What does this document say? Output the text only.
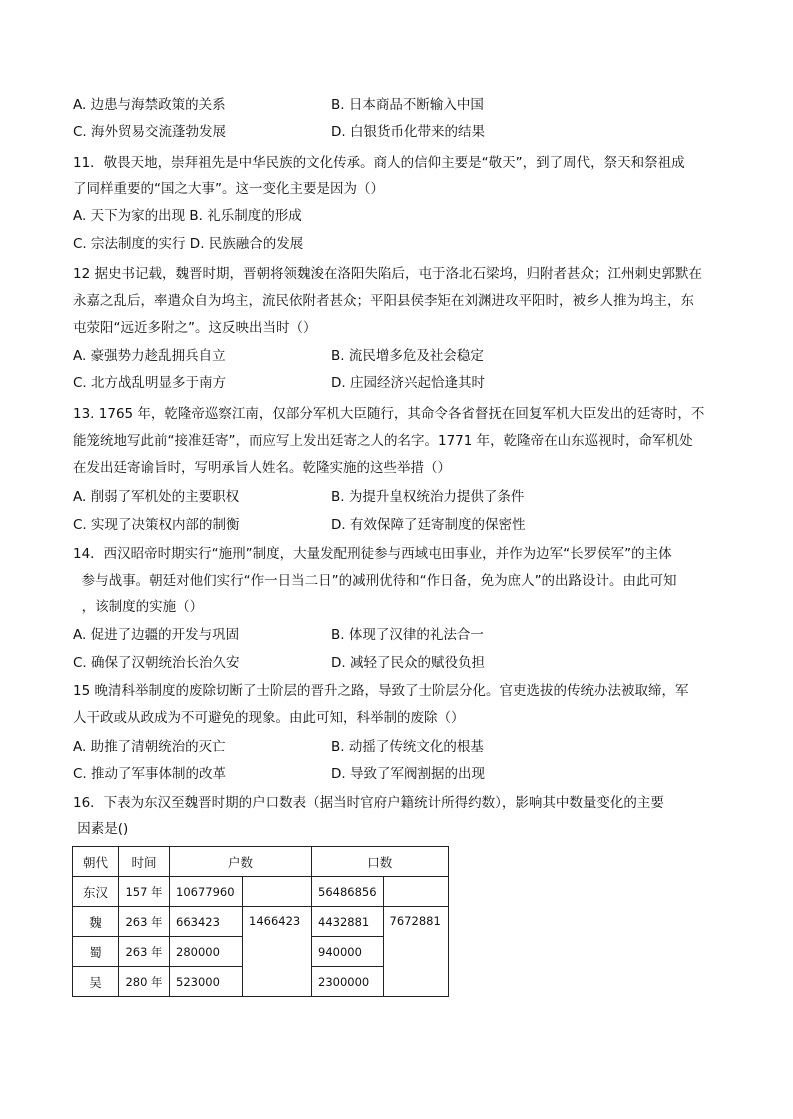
A. 边患与海禁政策的关系	B. 日本商品不断输入中国
C. 海外贸易交流蓬勃发展	D. 白银货币化带来的结果
11．敬畏天地，崇拜祖先是中华民族的文化传承。商人的信仰主要是“敬天”，到了周代，祭天和祭祖成
了同样重要的“国之大事”。这一变化主要是因为（）
A. 天下为家的出现 B. 礼乐制度的形成
C. 宗法制度的实行 D. 民族融合的发展
12 据史书记载，魏晋时期，晋朝将领魏浚在洛阳失陷后，屯于洛北石梁坞，归附者甚众；江州刺史郭默在
永嘉之乱后，率遣众自为坞主，流民依附者甚众；平阳县侯李矩在刘渊进攻平阳时，被乡人推为坞主，东
屯荥阳“远近多附之”。这反映出当时（）
A. 豪强势力趁乱拥兵自立	B. 流民增多危及社会稳定
C. 北方战乱明显多于南方	D. 庄园经济兴起恰逢其时
13. 1765 年，乾隆帝巡察江南，仅部分军机大臣随行，其命令各省督抚在回复军机大臣发出的廷寄时，不
能笼统地写此前“接准廷寄”，而应写上发出廷寄之人的名字。1771 年，乾隆帝在山东巡视时，命军机处
在发出廷寄谕旨时，写明承旨人姓名。乾隆实施的这些举措（）
A. 削弱了军机处的主要职权	B. 为提升皇权统治力提供了条件
C. 实现了决策权内部的制衡	D. 有效保障了廷寄制度的保密性
14．西汉昭帝时期实行“施刑”制度，大量发配刑徒参与西域屯田事业，并作为边军“长罗侯军”的主体
参与战事。朝廷对他们实行“作一日当二日”的减刑优待和“作日备，免为庶人”的出路设计。由此可知
，该制度的实施（）
A. 促进了边疆的开发与巩固	B. 体现了汉律的礼法合一
C. 确保了汉朝统治长治久安	D. 减轻了民众的赋役负担
15 晚清科举制度的废除切断了士阶层的晋升之路，导致了士阶层分化。官吏选拔的传统办法被取缔，军
人干政或从政成为不可避免的现象。由此可知，科举制的废除（）
A. 助推了清朝统治的灭亡	B. 动摇了传统文化的根基
C. 推动了军事体制的改革	D. 导致了军阀割据的出现
16．下表为东汉至魏晋时期的户口数表（据当时官府户籍统计所得约数），影响其中数量变化的主要
因素是()
朝代	时间	户数		口数	
东汉	157 年	10677960		56486856	
魏	263 年	663423	1466423	4432881	7672881
蜀	263 年	280000		940000	
吴	280 年	523000		2300000	
